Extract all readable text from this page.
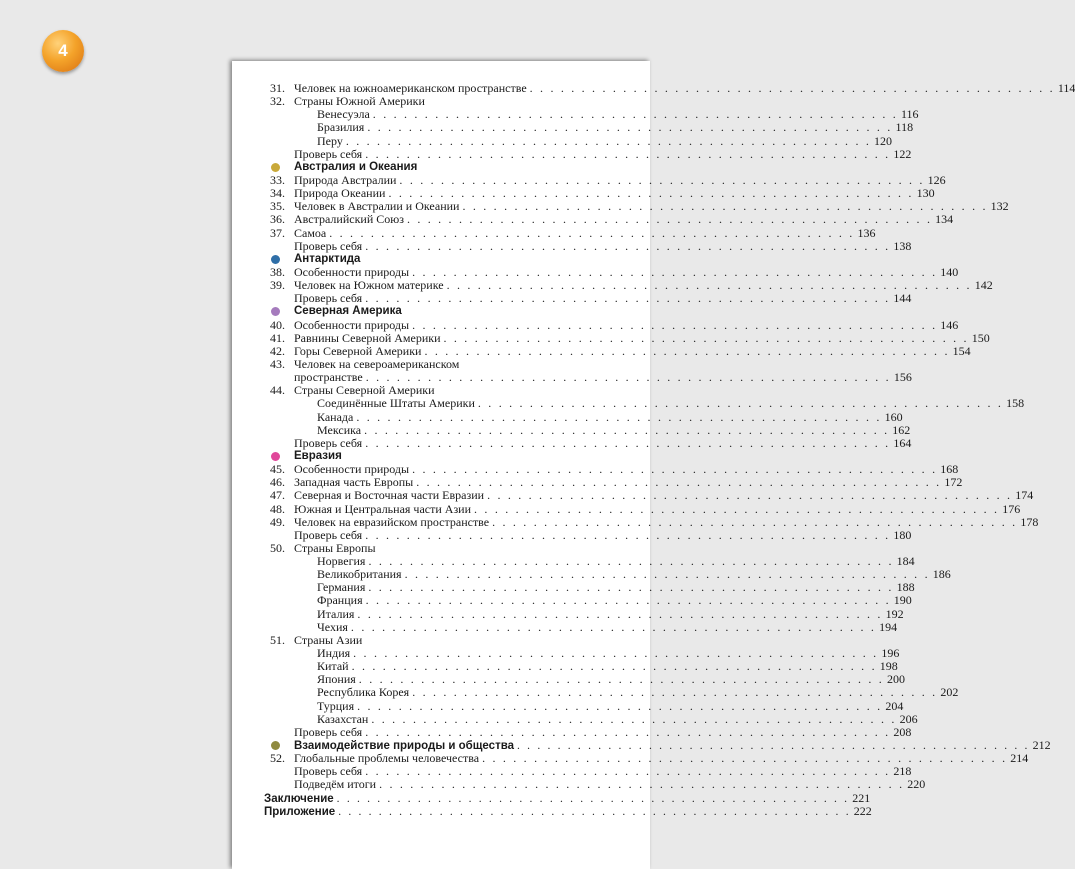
4
31. Человек на южноамериканском пространстве . . . . . . . . . . . . . . . . . . . . . . . . . . . . . . . . . . . . . . . . . . . . . . . . . . . 114
32. Страны Южной Америки
Венесуэла . . . . . . . . . . . . . . . . . . . . . . . . . . . . . . . . . . . . . . . . . . . . . . . . . . . 116
Бразилия . . . . . . . . . . . . . . . . . . . . . . . . . . . . . . . . . . . . . . . . . . . . . . . . . . . 118
Перу . . . . . . . . . . . . . . . . . . . . . . . . . . . . . . . . . . . . . . . . . . . . . . . . . . . 120
Проверь себя . . . . . . . . . . . . . . . . . . . . . . . . . . . . . . . . . . . . . . . . . . . . . . . . . . . 122
Австралия и Океания
33. Природа Австралии . . . . . . . . . . . . . . . . . . . . . . . . . . . . . . . . . . . . . . . . . . . . . . . . . . . 126
34. Природа Океании . . . . . . . . . . . . . . . . . . . . . . . . . . . . . . . . . . . . . . . . . . . . . . . . . . . 130
35. Человек в Австралии и Океании . . . . . . . . . . . . . . . . . . . . . . . . . . . . . . . . . . . . . . . . . . . . . . . . . . . 132
36. Австралийский Союз . . . . . . . . . . . . . . . . . . . . . . . . . . . . . . . . . . . . . . . . . . . . . . . . . . . 134
37. Самоа . . . . . . . . . . . . . . . . . . . . . . . . . . . . . . . . . . . . . . . . . . . . . . . . . . . 136
Проверь себя . . . . . . . . . . . . . . . . . . . . . . . . . . . . . . . . . . . . . . . . . . . . . . . . . . . 138
Антарктида
38. Особенности природы . . . . . . . . . . . . . . . . . . . . . . . . . . . . . . . . . . . . . . . . . . . . . . . . . . . 140
39. Человек на Южном материке . . . . . . . . . . . . . . . . . . . . . . . . . . . . . . . . . . . . . . . . . . . . . . . . . . . 142
Проверь себя . . . . . . . . . . . . . . . . . . . . . . . . . . . . . . . . . . . . . . . . . . . . . . . . . . . 144
Северная Америка
40. Особенности природы . . . . . . . . . . . . . . . . . . . . . . . . . . . . . . . . . . . . . . . . . . . . . . . . . . . 146
41. Равнины Северной Америки . . . . . . . . . . . . . . . . . . . . . . . . . . . . . . . . . . . . . . . . . . . . . . . . . . . 150
42. Горы Северной Америки . . . . . . . . . . . . . . . . . . . . . . . . . . . . . . . . . . . . . . . . . . . . . . . . . . . 154
43. Человек на североамериканском
пространстве . . . . . . . . . . . . . . . . . . . . . . . . . . . . . . . . . . . . . . . . . . . . . . . . . . . 156
44. Страны Северной Америки
Соединённые Штаты Америки . . . . . . . . . . . . . . . . . . . . . . . . . . . . . . . . . . . . . . . . . . . . . . . . . . . 158
Канада . . . . . . . . . . . . . . . . . . . . . . . . . . . . . . . . . . . . . . . . . . . . . . . . . . . 160
Мексика . . . . . . . . . . . . . . . . . . . . . . . . . . . . . . . . . . . . . . . . . . . . . . . . . . . 162
Проверь себя . . . . . . . . . . . . . . . . . . . . . . . . . . . . . . . . . . . . . . . . . . . . . . . . . . . 164
Евразия
45. Особенности природы . . . . . . . . . . . . . . . . . . . . . . . . . . . . . . . . . . . . . . . . . . . . . . . . . . . 168
46. Западная часть Европы . . . . . . . . . . . . . . . . . . . . . . . . . . . . . . . . . . . . . . . . . . . . . . . . . . . 172
47. Северная и Восточная части Евразии . . . . . . . . . . . . . . . . . . . . . . . . . . . . . . . . . . . . . . . . . . . . . . . . . . . 174
48. Южная и Центральная части Азии . . . . . . . . . . . . . . . . . . . . . . . . . . . . . . . . . . . . . . . . . . . . . . . . . . . 176
49. Человек на евразийском пространстве . . . . . . . . . . . . . . . . . . . . . . . . . . . . . . . . . . . . . . . . . . . . . . . . . . . 178
Проверь себя . . . . . . . . . . . . . . . . . . . . . . . . . . . . . . . . . . . . . . . . . . . . . . . . . . . 180
50. Страны Европы
Норвегия . . . . . . . . . . . . . . . . . . . . . . . . . . . . . . . . . . . . . . . . . . . . . . . . . . . 184
Великобритания . . . . . . . . . . . . . . . . . . . . . . . . . . . . . . . . . . . . . . . . . . . . . . . . . . . 186
Германия . . . . . . . . . . . . . . . . . . . . . . . . . . . . . . . . . . . . . . . . . . . . . . . . . . . 188
Франция . . . . . . . . . . . . . . . . . . . . . . . . . . . . . . . . . . . . . . . . . . . . . . . . . . . 190
Италия . . . . . . . . . . . . . . . . . . . . . . . . . . . . . . . . . . . . . . . . . . . . . . . . . . . 192
Чехия . . . . . . . . . . . . . . . . . . . . . . . . . . . . . . . . . . . . . . . . . . . . . . . . . . . 194
51. Страны Азии
Индия . . . . . . . . . . . . . . . . . . . . . . . . . . . . . . . . . . . . . . . . . . . . . . . . . . . 196
Китай . . . . . . . . . . . . . . . . . . . . . . . . . . . . . . . . . . . . . . . . . . . . . . . . . . . 198
Япония . . . . . . . . . . . . . . . . . . . . . . . . . . . . . . . . . . . . . . . . . . . . . . . . . . . 200
Республика Корея . . . . . . . . . . . . . . . . . . . . . . . . . . . . . . . . . . . . . . . . . . . . . . . . . . . 202
Турция . . . . . . . . . . . . . . . . . . . . . . . . . . . . . . . . . . . . . . . . . . . . . . . . . . . 204
Казахстан . . . . . . . . . . . . . . . . . . . . . . . . . . . . . . . . . . . . . . . . . . . . . . . . . . . 206
Проверь себя . . . . . . . . . . . . . . . . . . . . . . . . . . . . . . . . . . . . . . . . . . . . . . . . . . . 208
Взаимодействие природы и общества . . . . . . . . . . . . . . . . . . . . . . . . . . . . . . . . . . . . . . . . . . . . . . . . . . . 212
52. Глобальные проблемы человечества . . . . . . . . . . . . . . . . . . . . . . . . . . . . . . . . . . . . . . . . . . . . . . . . . . . 214
Проверь себя . . . . . . . . . . . . . . . . . . . . . . . . . . . . . . . . . . . . . . . . . . . . . . . . . . . 218
Подведём итоги . . . . . . . . . . . . . . . . . . . . . . . . . . . . . . . . . . . . . . . . . . . . . . . . . . . 220
Заключение . . . . . . . . . . . . . . . . . . . . . . . . . . . . . . . . . . . . . . . . . . . . . . . . . . . 221
Приложение . . . . . . . . . . . . . . . . . . . . . . . . . . . . . . . . . . . . . . . . . . . . . . . . . . . 222
